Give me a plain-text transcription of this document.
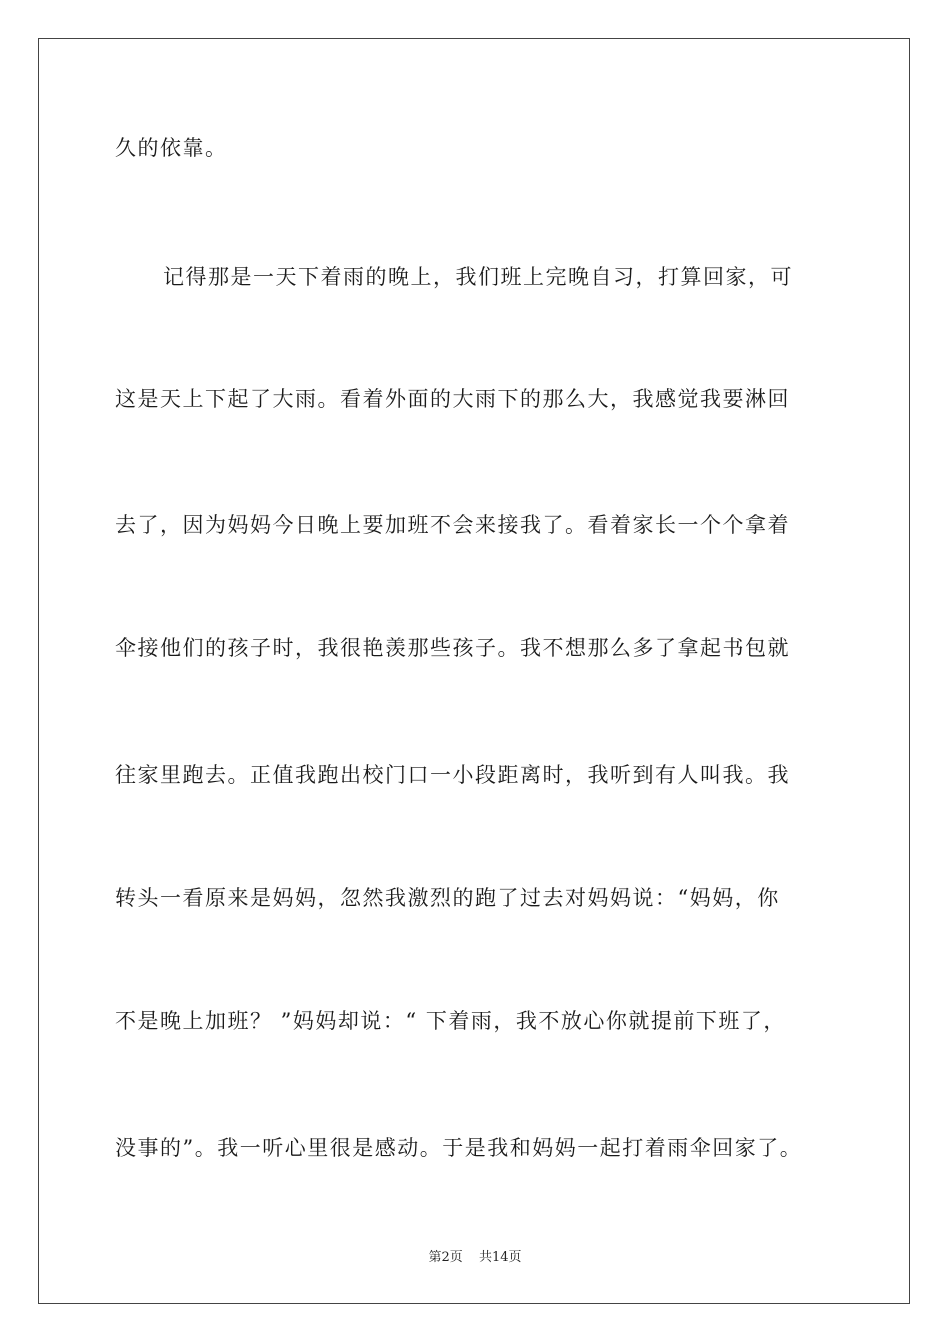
久的依靠。
记得那是一天下着雨的晚上，我们班上完晚自习，打算回家，可
这是天上下起了大雨。看着外面的大雨下的那么大，我感觉我要淋回
去了，因为妈妈今日晚上要加班不会来接我了。看着家长一个个拿着
伞接他们的孩子时，我很艳羡那些孩子。我不想那么多了拿起书包就
往家里跑去。正值我跑出校门口一小段距离时，我听到有人叫我。我
转头一看原来是妈妈，忽然我激烈的跑了过去对妈妈说：“妈妈，你
不是晚上加班？ ”妈妈却说：“ 下着雨，我不放心你就提前下班了，
没事的”。我一听心里很是感动。于是我和妈妈一起打着雨伞回家了。
第2页 共14页
